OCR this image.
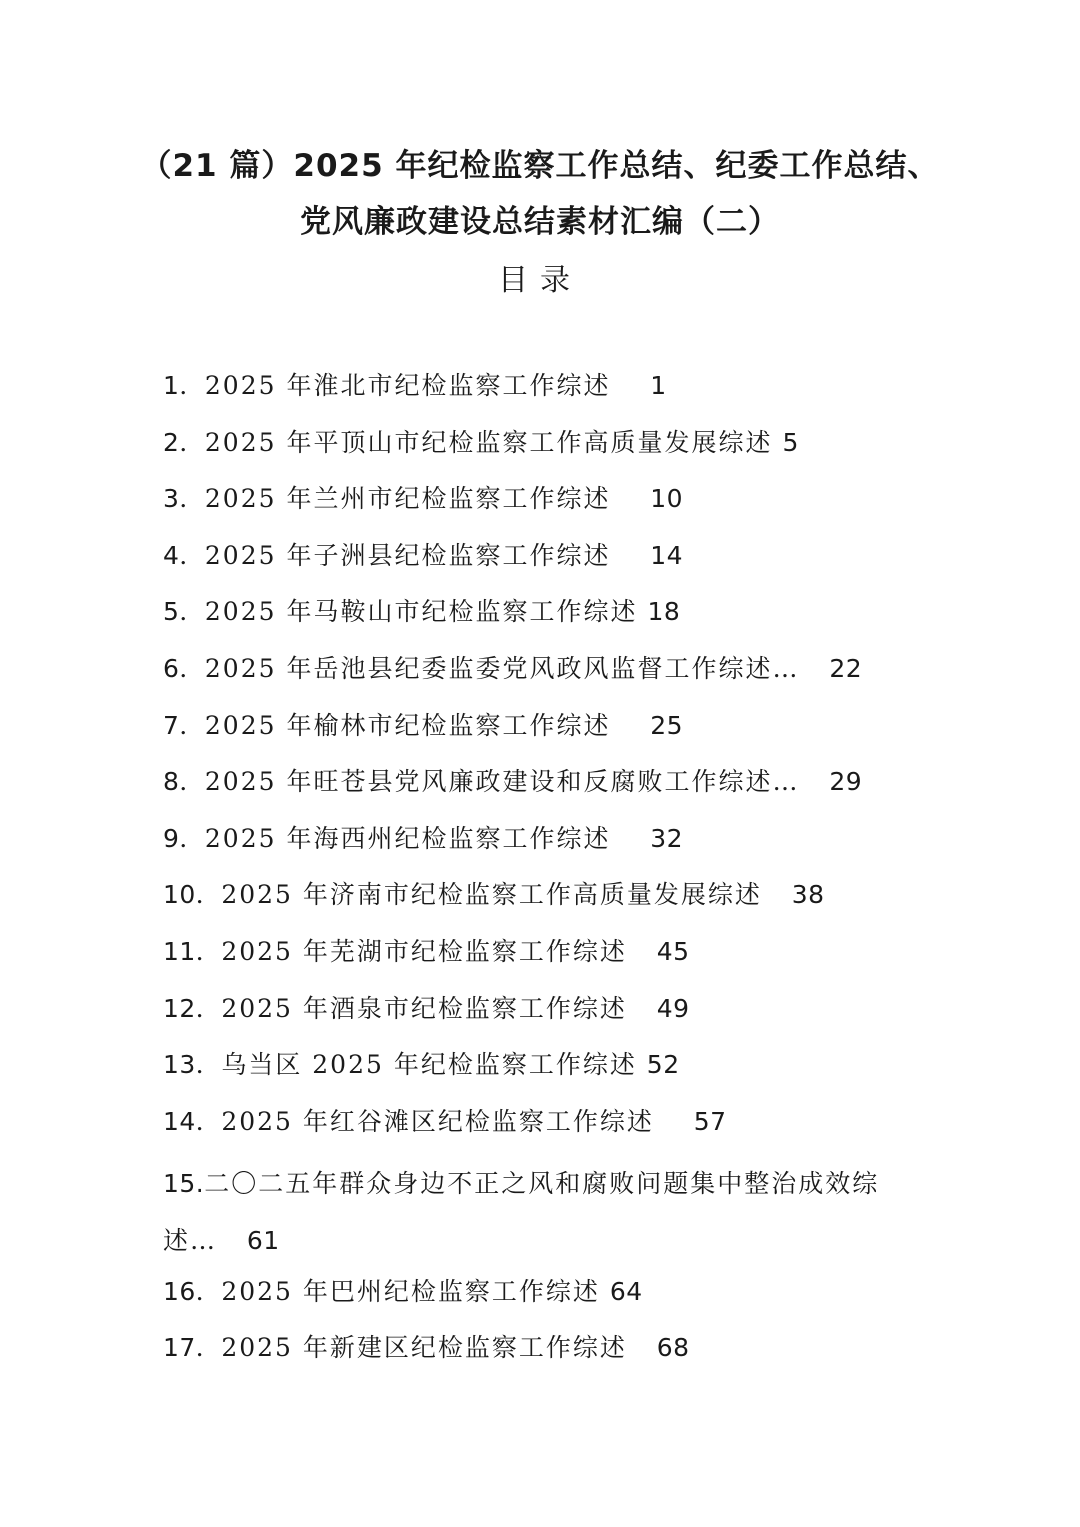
（21 篇）2025 年纪检监察工作总结、纪委工作总结、
党风廉政建设总结素材汇编（二）
目录
1．2025 年淮北市纪检监察工作综述 1
2．2025 年平顶山市纪检监察工作高质量发展综述 5
3．2025 年兰州市纪检监察工作综述 10
4．2025 年子洲县纪检监察工作综述 14
5．2025 年马鞍山市纪检监察工作综述 18
6．2025 年岳池县纪委监委党风政风监督工作综述… 22
7．2025 年榆林市纪检监察工作综述 25
8．2025 年旺苍县党风廉政建设和反腐败工作综述… 29
9．2025 年海西州纪检监察工作综述 32
10．2025 年济南市纪检监察工作高质量发展综述 38
11．2025 年芜湖市纪检监察工作综述 45
12．2025 年酒泉市纪检监察工作综述 49
13．乌当区 2025 年纪检监察工作综述 52
14．2025 年红谷滩区纪检监察工作综述 57
15.二〇二五年群众身边不正之风和腐败问题集中整治成效综述… 61
16．2025 年巴州纪检监察工作综述 64
17．2025 年新建区纪检监察工作综述 68
